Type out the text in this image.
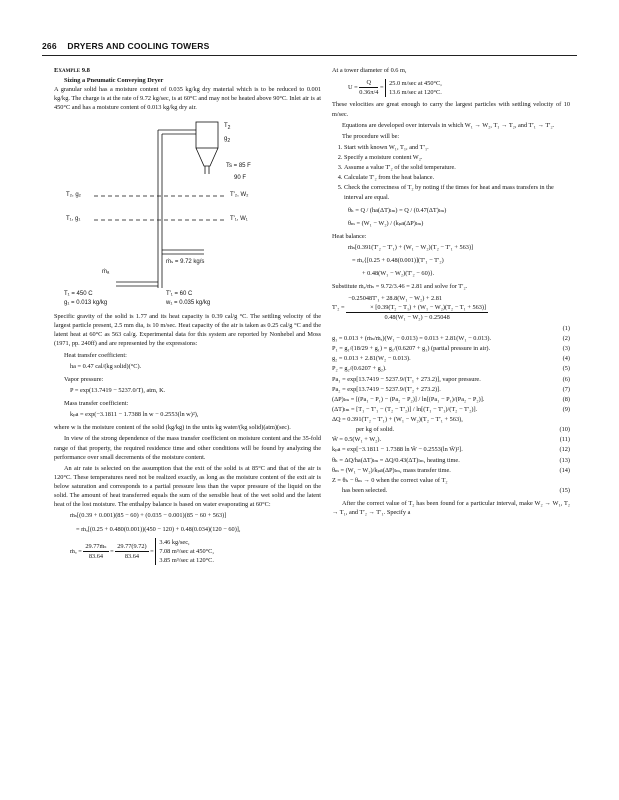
266 DRYERS AND COOLING TOWERS
Example 9.8
Sizing a Pneumatic Conveying Dryer

A granular solid has a moisture content of 0.035 kg/kg dry material which is to be reduced to 0.001 kg/kg. The charge is at the rate of 9.72 kg/sec, is at 60°C and may not be heated above 90°C. Inlet air is at 450°C and has a moisture content of 0.013 kg/kg dry air.

$T_2$
$g_2$
Ts = 85 F
90 F
T₂, g₂	T′₂, W₂
T₁, g₁	T′₁, W₁
ṁₐ
ṁₛ = 9.72 kg/s
T₁ = 450 C
g₁ = 0.013 kg/kg
T′₁ = 60 C
w₁ = 0.035 kg/kg

Specific gravity of the solid is 1.77 and its heat capacity is 0.39 cal/g °C. The settling velocity of the largest particle present, 2.5 mm dia, is 10 m/sec. Heat capacity of the air is taken as 0.25 cal/g °C and the latent heat at 60°C as 563 cal/g. Experimental data for this system are reported by Nonhebel and Moss (1971, pp. 240ff) and are represented by the expressions:

Heat transfer coefficient:
ha = 0.47 cal/(kg solid)(°C).
Vapor pressure:
P = exp(13.7419 − 5237.0/T), atm, K.
Mass transfer coefficient:
kₚa = exp(−3.1811 − 1.7388 ln w − 0.2553(ln w)²),

where w is the moisture content of the solid (kg/kg) in the units kg water/(kg solid)(atm)(sec).

In view of the strong dependence of the mass transfer coefficient on moisture content and the 35-fold range of that property, the required residence time and other conditions will be found by analyzing the performance over small decrements of the moisture content.

An air rate is selected on the assumption that the exit of the solid is at 85°C and that of the air is 120°C. These temperatures need not be realized exactly, as long as the moisture content of the exit air is below saturation and corresponds to a partial pressure less than the vapor pressure of the liquid on the solid. The amount of heat transferred equals the sum of the sensible heat of the wet solid and the latent heat of the lost moisture. The enthalpy balance is based on water evaporating at 60°C:

ṁₛ[(0.39 + 0.001)(85 − 60) + (0.035 − 0.001)(85 − 60 + 563)]
= ṁₐ[(0.25 + 0.480(0.001))(450 − 120) + 0.48(0.034)(120 − 60)],
ṁₐ = $\frac{\text{29.77ṁₛ}}{83.64} = \frac{29.77(9.72)}{83.64}$ =
3.46 kg/sec,
7.08 m³/sec at 450°C,
3.85 m³/sec at 120°C.

At a tower diameter of 0.6 m,

U =
$\frac{Q}{0.36\pi/4}$ =
25.0 m/sec at 450°C,
13.6 m/sec at 120°C.

These velocities are great enough to carry the largest particles with settling velocity of 10 m/sec.

Equations are developed over intervals in which W₁ → W₂, T₁ → T₂, and T′₁ → T′₂.

The procedure will be:

1. Start with known W₁, T₁, and T′₁.
2. Specify a moisture content W₂.
3. Assume a value T′₂ of the solid temperature.
4. Calculate T′₂ from the heat balance.
5. Check the correctness of T₂ by noting if the times for heat and mass transfers in the interval are equal.
θₕ = Q / (ha(ΔT)ₗₘ) = Q / (0.47(ΔT)ₗₘ)
θₘ = (W₁ − W₂) / (kₚa(ΔP)ₗₘ)
Heat balance:
ṁₛ[0.391(T′₂ − T′₁) + (W₁ − W₂)(T₂ − T′₁ + 563)]
= ṁₐ{[0.25 + 0.48(0.001)](T′₁ − T′₂)
+ 0.48(W₁ − W₂)(T′₂ − 60)}.

Substitute ṁₐ/ṁₛ = 9.72/3.46 = 2.81 and solve for T′₂.

T′₂ =

−0.25048T′₁ + 28.8(W₁ − W₂) + 2.81
× [0.39(T₂ − T₁) + (W₁ − W₂)(T₂ − T₁ + 563)]
0.48(W₁ − W₂) − 0.25048
(1)
g₁ = 0.013 + (ṁₛ/ṁₐ)(W₁ − 0.013) = 0.013 + 2.81(W₁ − 0.013).	(2)
P₁ = g₁/(18/29 + g₁) = g₁/(0.6207 + g₁) (partial pressure in air).	(3)
g₂ = 0.013 + 2.81(W₂ − 0.013).	(4)
P₂ = g₂/(0.6207 + g₂).	(5)
Pa₁ = exp[13.7419 − 5237.9/(T′₁ + 273.2)], vapor pressure.	(6)
Pa₂ = exp[13.7419 − 5237.9/(T′₂ + 273.2)].	(7)
(ΔP)ₗₘ = [(Pa₁ − P₁) − (Pa₂ − P₂)] / ln[(Pa₁ − P₁)/(Pa₂ − P₂)].	(8)
(ΔT)ₗₘ = [T₁ − T′₁ − (T₂ − T′₂)] / ln[(T₁ − T′₁)/(T₂ − T′₂)].	(9)
ΔQ = 0.391(T′₂ − T′₁) + (W₁ − W₂)(T₂ − T′₁ + 563),
per kg of solid.	(10)
W̄ = 0.5(W₁ + W₂).	(11)
kₚa = exp[−3.1811 − 1.7388 ln W̄ − 0.2553(ln W̄)²].	(12)
θₕ = ΔQ/ha(ΔT)ₗₘ = ΔQ/0.43(ΔT)ₗₘ, heating time.	(13)
θₘ = (W₁ − W₂)/kₚa(ΔP)ₗₘ, mass transfer time.	(14)
Z = θₕ − θₘ → 0 when the correct value of T₂
has been selected.	(15)

After the correct value of T₂ has been found for a particular interval, make W₂ → W₁, T₂ → T₁, and T′₂ → T′₁. Specify a
